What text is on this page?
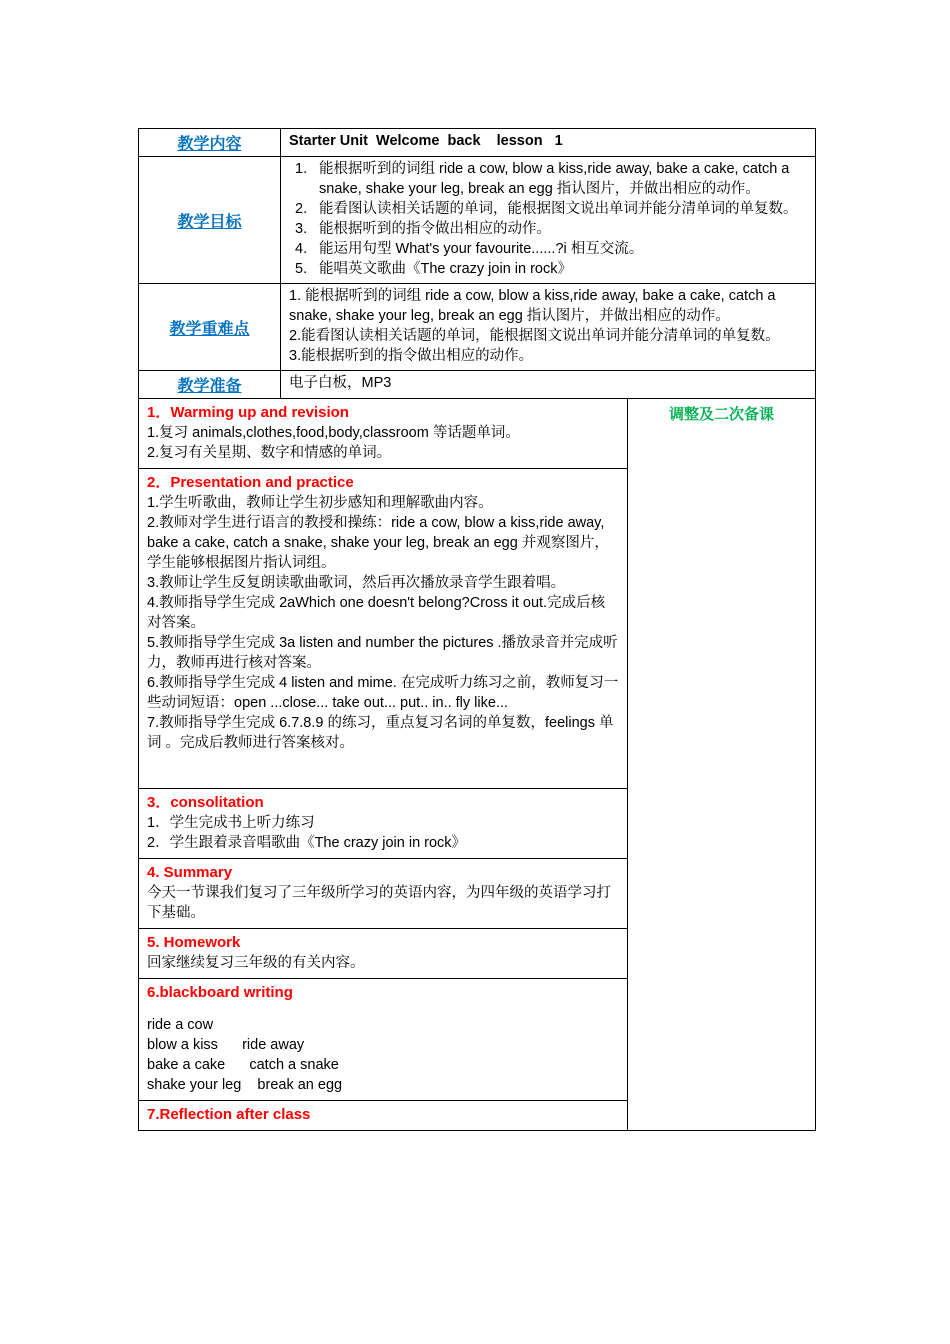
教学内容	Starter Unit  Welcome  back    lesson   1
教学目标
1. 能根据听到的词组 ride a cow, blow a kiss,ride away, bake a cake, catch a snake, shake your leg, break an egg 指认图片，并做出相应的动作。
2. 能看图认读相关话题的单词，能根据图文说出单词并能分清单词的单复数。
3. 能根据听到的指令做出相应的动作。
4. 能运用句型 What's your favourite......?i 相互交流。
5. 能唱英文歌曲《The crazy join in rock》
教学重难点
1. 能根据听到的词组 ride a cow, blow a kiss,ride away, bake a cake, catch a snake, shake your leg, break an egg 指认图片，并做出相应的动作。
2.能看图认读相关话题的单词，能根据图文说出单词并能分清单词的单复数。
3.能根据听到的指令做出相应的动作。
教学准备	电子白板，MP3
1．Warming up and revision
1.复习 animals,clothes,food,body,classroom 等话题单词。
2.复习有关星期、数字和情感的单词。
2．Presentation and practice
1.学生听歌曲，教师让学生初步感知和理解歌曲内容。
2.教师对学生进行语言的教授和操练：ride a cow, blow a kiss,ride away, bake a cake, catch a snake, shake your leg, break an egg 并观察图片，学生能够根据图片指认词组。
3.教师让学生反复朗读歌曲歌词，然后再次播放录音学生跟着唱。
4.教师指导学生完成 2aWhich one doesn't belong?Cross it out.完成后核对答案。
5.教师指导学生完成 3a listen and number the pictures .播放录音并完成听力，教师再进行核对答案。
6.教师指导学生完成 4 listen and mime. 在完成听力练习之前，教师复习一些动词短语：open ...close... take out... put.. in.. fly like...
7.教师指导学生完成 6.7.8.9 的练习，重点复习名词的单复数，feelings 单词 。完成后教师进行答案核对。
3．consolitation
1．学生完成书上听力练习
2．学生跟着录音唱歌曲《The crazy join in rock》
4. Summary
今天一节课我们复习了三年级所学习的英语内容，为四年级的英语学习打下基础。
5. Homework
回家继续复习三年级的有关内容。
6.blackboard writing
ride a cow
blow a kiss      ride away
bake a cake      catch a snake
shake your leg    break an egg
7.Reflection after class
调整及二次备课
